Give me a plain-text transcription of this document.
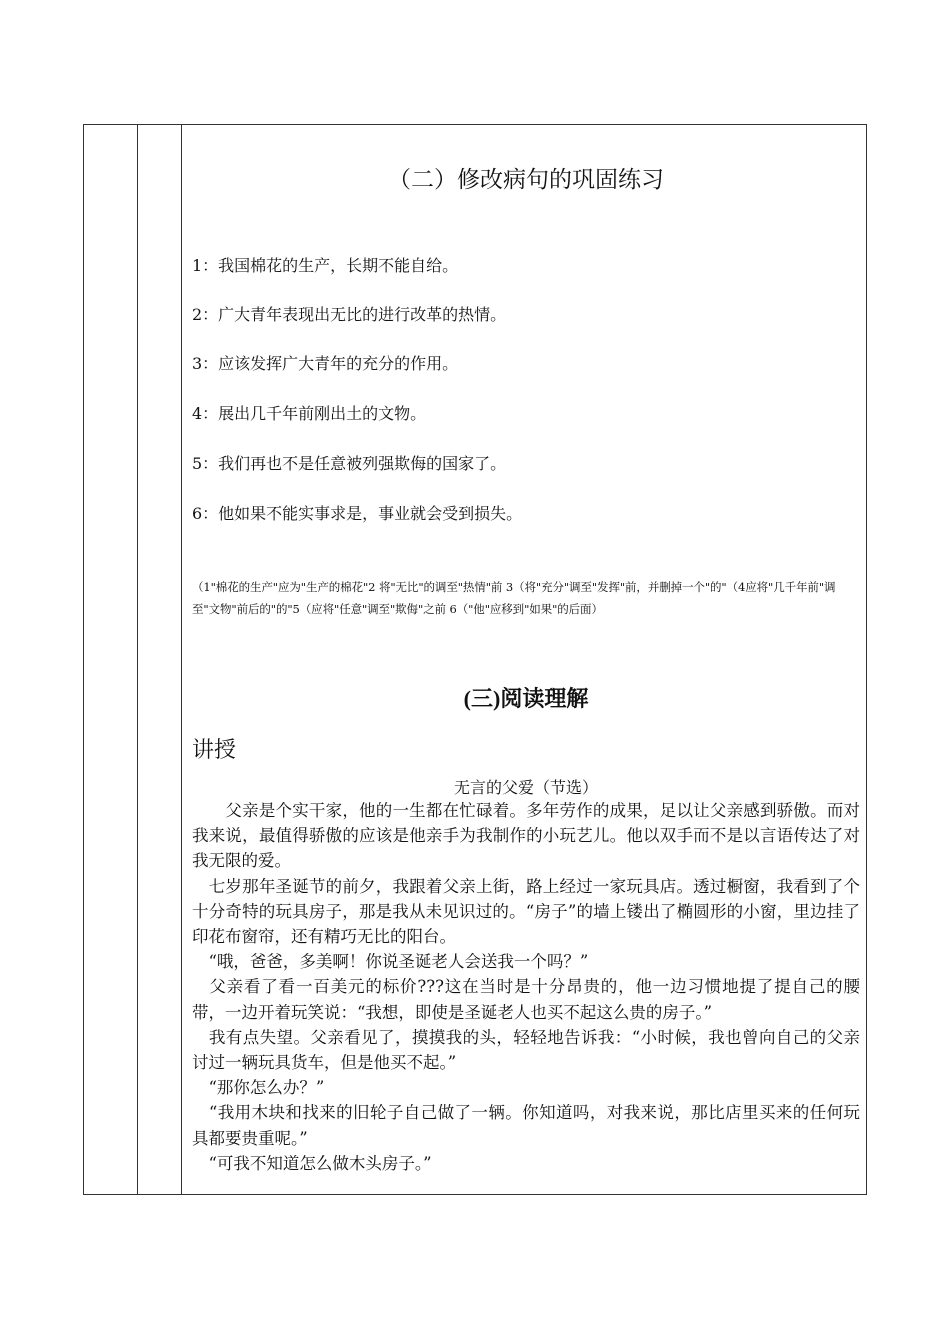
（二）修改病句的巩固练习
1：我国棉花的生产，长期不能自给。
2：广大青年表现出无比的进行改革的热情。
3：应该发挥广大青年的充分的作用。
4：展出几千年前刚出土的文物。
5：我们再也不是任意被列强欺侮的国家了。
6：他如果不能实事求是，事业就会受到损失。
（1"棉花的生产"应为"生产的棉花"2 将"无比"的调至"热情"前 3（将"充分"调至"发挥"前，并删掉一个"的"（4应将"几千年前"调至"文物"前后的"的"5（应将"任意"调至"欺侮"之前 6（"他"应移到"如果"的后面）
(三)阅读理解
讲授
无言的父爱（节选）

　　父亲是个实干家，他的一生都在忙碌着。多年劳作的成果，足以让父亲感到骄傲。而对我来说，最值得骄傲的应该是他亲手为我制作的小玩艺儿。他以双手而不是以言语传达了对我无限的爱。

　七岁那年圣诞节的前夕，我跟着父亲上街，路上经过一家玩具店。透过橱窗，我看到了个十分奇特的玩具房子，那是我从未见识过的。“房子”的墙上镂出了椭圆形的小窗，里边挂了印花布窗帘，还有精巧无比的阳台。

　“哦，爸爸，多美啊！你说圣诞老人会送我一个吗？”

　父亲看了看一百美元的标价???这在当时是十分昂贵的，他一边习惯地提了提自己的腰带，一边开着玩笑说：“我想，即使是圣诞老人也买不起这么贵的房子。”

　我有点失望。父亲看见了，摸摸我的头，轻轻地告诉我：“小时候，我也曾向自己的父亲讨过一辆玩具货车，但是他买不起。”

　“那你怎么办？”

　“我用木块和找来的旧轮子自己做了一辆。你知道吗，对我来说，那比店里买来的任何玩具都要贵重呢。”

　“可我不知道怎么做木头房子。”
